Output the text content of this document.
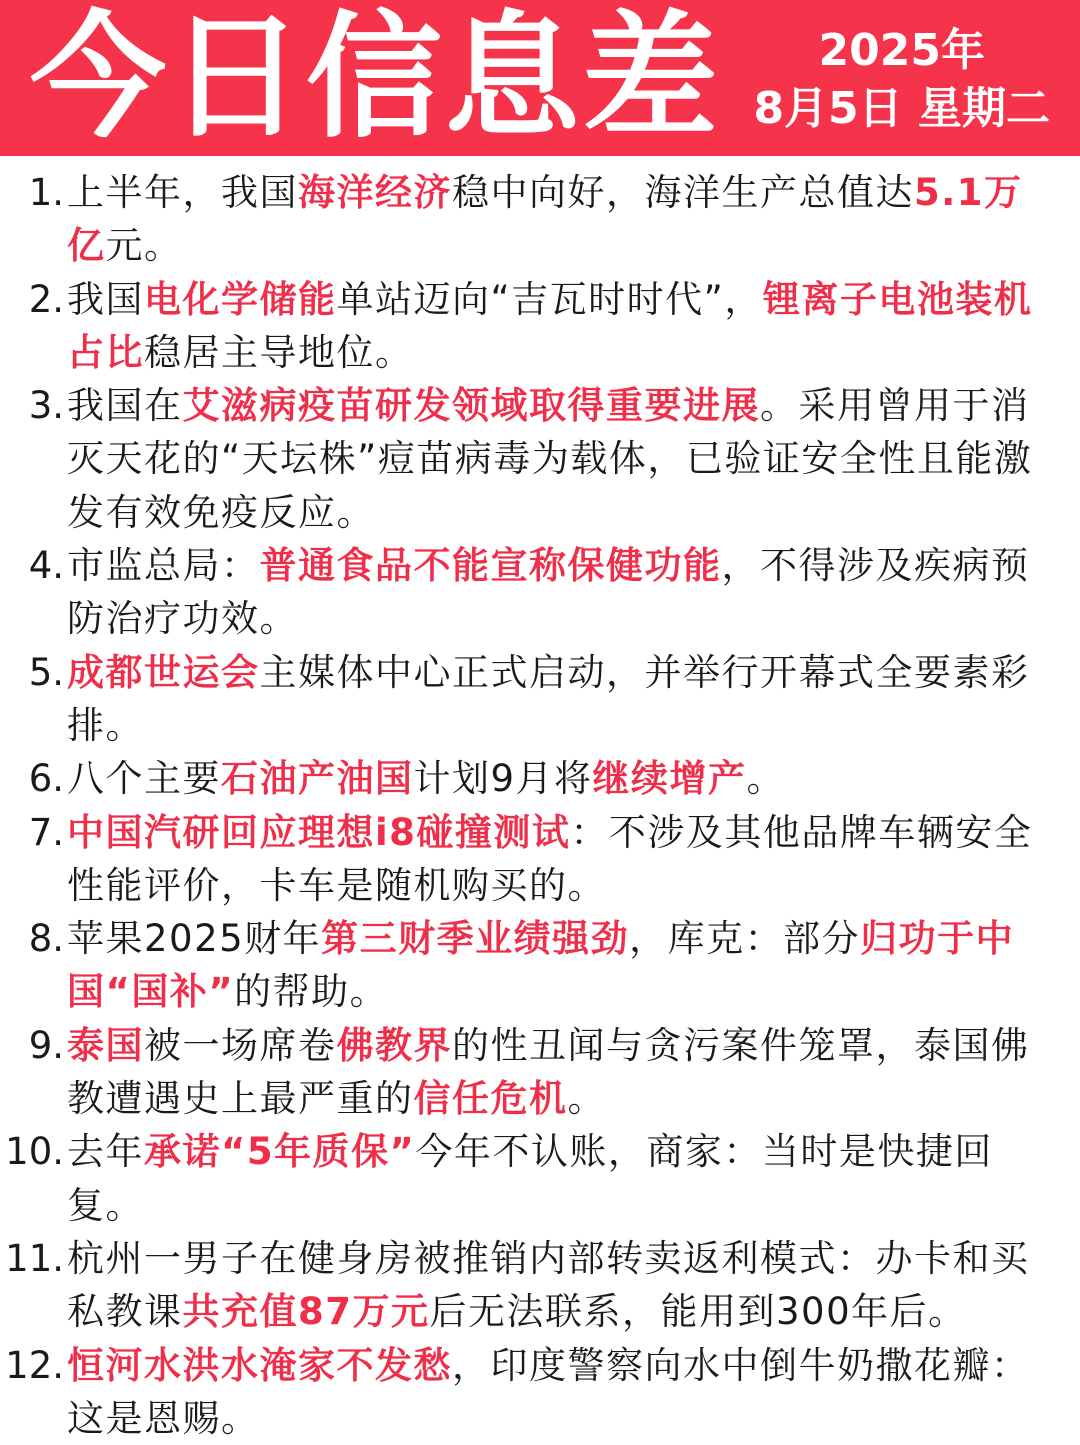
今日信息差	2025年
8月5日 星期二
1. 上半年，我国海洋经济稳中向好，海洋生产总值达5.1万亿元。
2. 我国电化学储能单站迈向“吉瓦时时代”，锂离子电池装机占比稳居主导地位。
3. 我国在艾滋病疫苗研发领域取得重要进展。采用曾用于消灭天花的“天坛株”痘苗病毒为载体，已验证安全性且能激发有效免疫反应。
4. 市监总局：普通食品不能宣称保健功能，不得涉及疾病预防治疗功效。
5. 成都世运会主媒体中心正式启动，并举行开幕式全要素彩排。
6. 八个主要石油产油国计划9月将继续增产。
7. 中国汽研回应理想i8碰撞测试：不涉及其他品牌车辆安全性能评价，卡车是随机购买的。
8. 苹果2025财年第三财季业绩强劲，库克：部分归功于中国“国补”的帮助。
9. 泰国被一场席卷佛教界的性丑闻与贪污案件笼罩，泰国佛教遭遇史上最严重的信任危机。
10. 去年承诺“5年质保”今年不认账，商家：当时是快捷回复。
11. 杭州一男子在健身房被推销内部转卖返利模式：办卡和买私教课共充值87万元后无法联系，能用到300年后。
12. 恒河水洪水淹家不发愁，印度警察向水中倒牛奶撒花瓣：这是恩赐。
